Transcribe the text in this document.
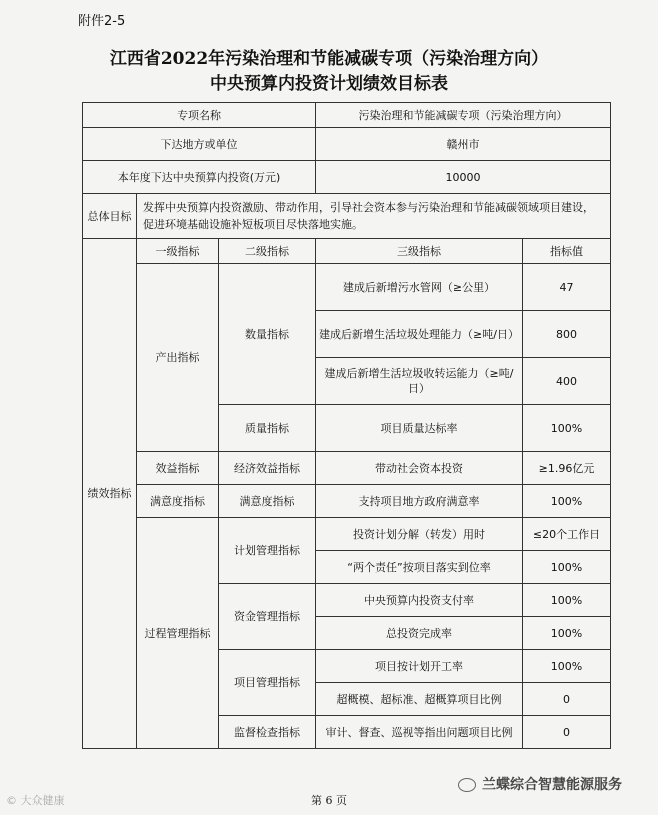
附件2-5
江西省2022年污染治理和节能减碳专项（污染治理方向）
中央预算内投资计划绩效目标表
专项名称			污染治理和节能减碳专项（污染治理方向）	
下达地方或单位			赣州市	
本年度下达中央预算内投资(万元)			10000	
总体目标	发挥中央预算内投资激励、带动作用，引导社会资本参与污染治理和节能减碳领域项目建设，促进环境基础设施补短板项目尽快落地实施。			
绩效指标	一级指标	二级指标	三级指标	指标值
	产出指标	数量指标	建成后新增污水管网（≥公里）	47
			建成后新增生活垃圾处理能力（≥吨/日）	800
			建成后新增生活垃圾收转运能力（≥吨/日）	400
		质量指标	项目质量达标率	100%
	效益指标	经济效益指标	带动社会资本投资	≥1.96亿元
	满意度指标	满意度指标	支持项目地方政府满意率	100%
	过程管理指标	计划管理指标	投资计划分解（转发）用时	≤20个工作日
			“两个责任”按项目落实到位率	100%
		资金管理指标	中央预算内投资支付率	100%
			总投资完成率	100%
		项目管理指标	项目按计划开工率	100%
			超概模、超标准、超概算项目比例	0
		监督检查指标	审计、督查、巡视等指出问题项目比例	0
© 大众健康	第 6 页
兰蝶综合智慧能源服务
